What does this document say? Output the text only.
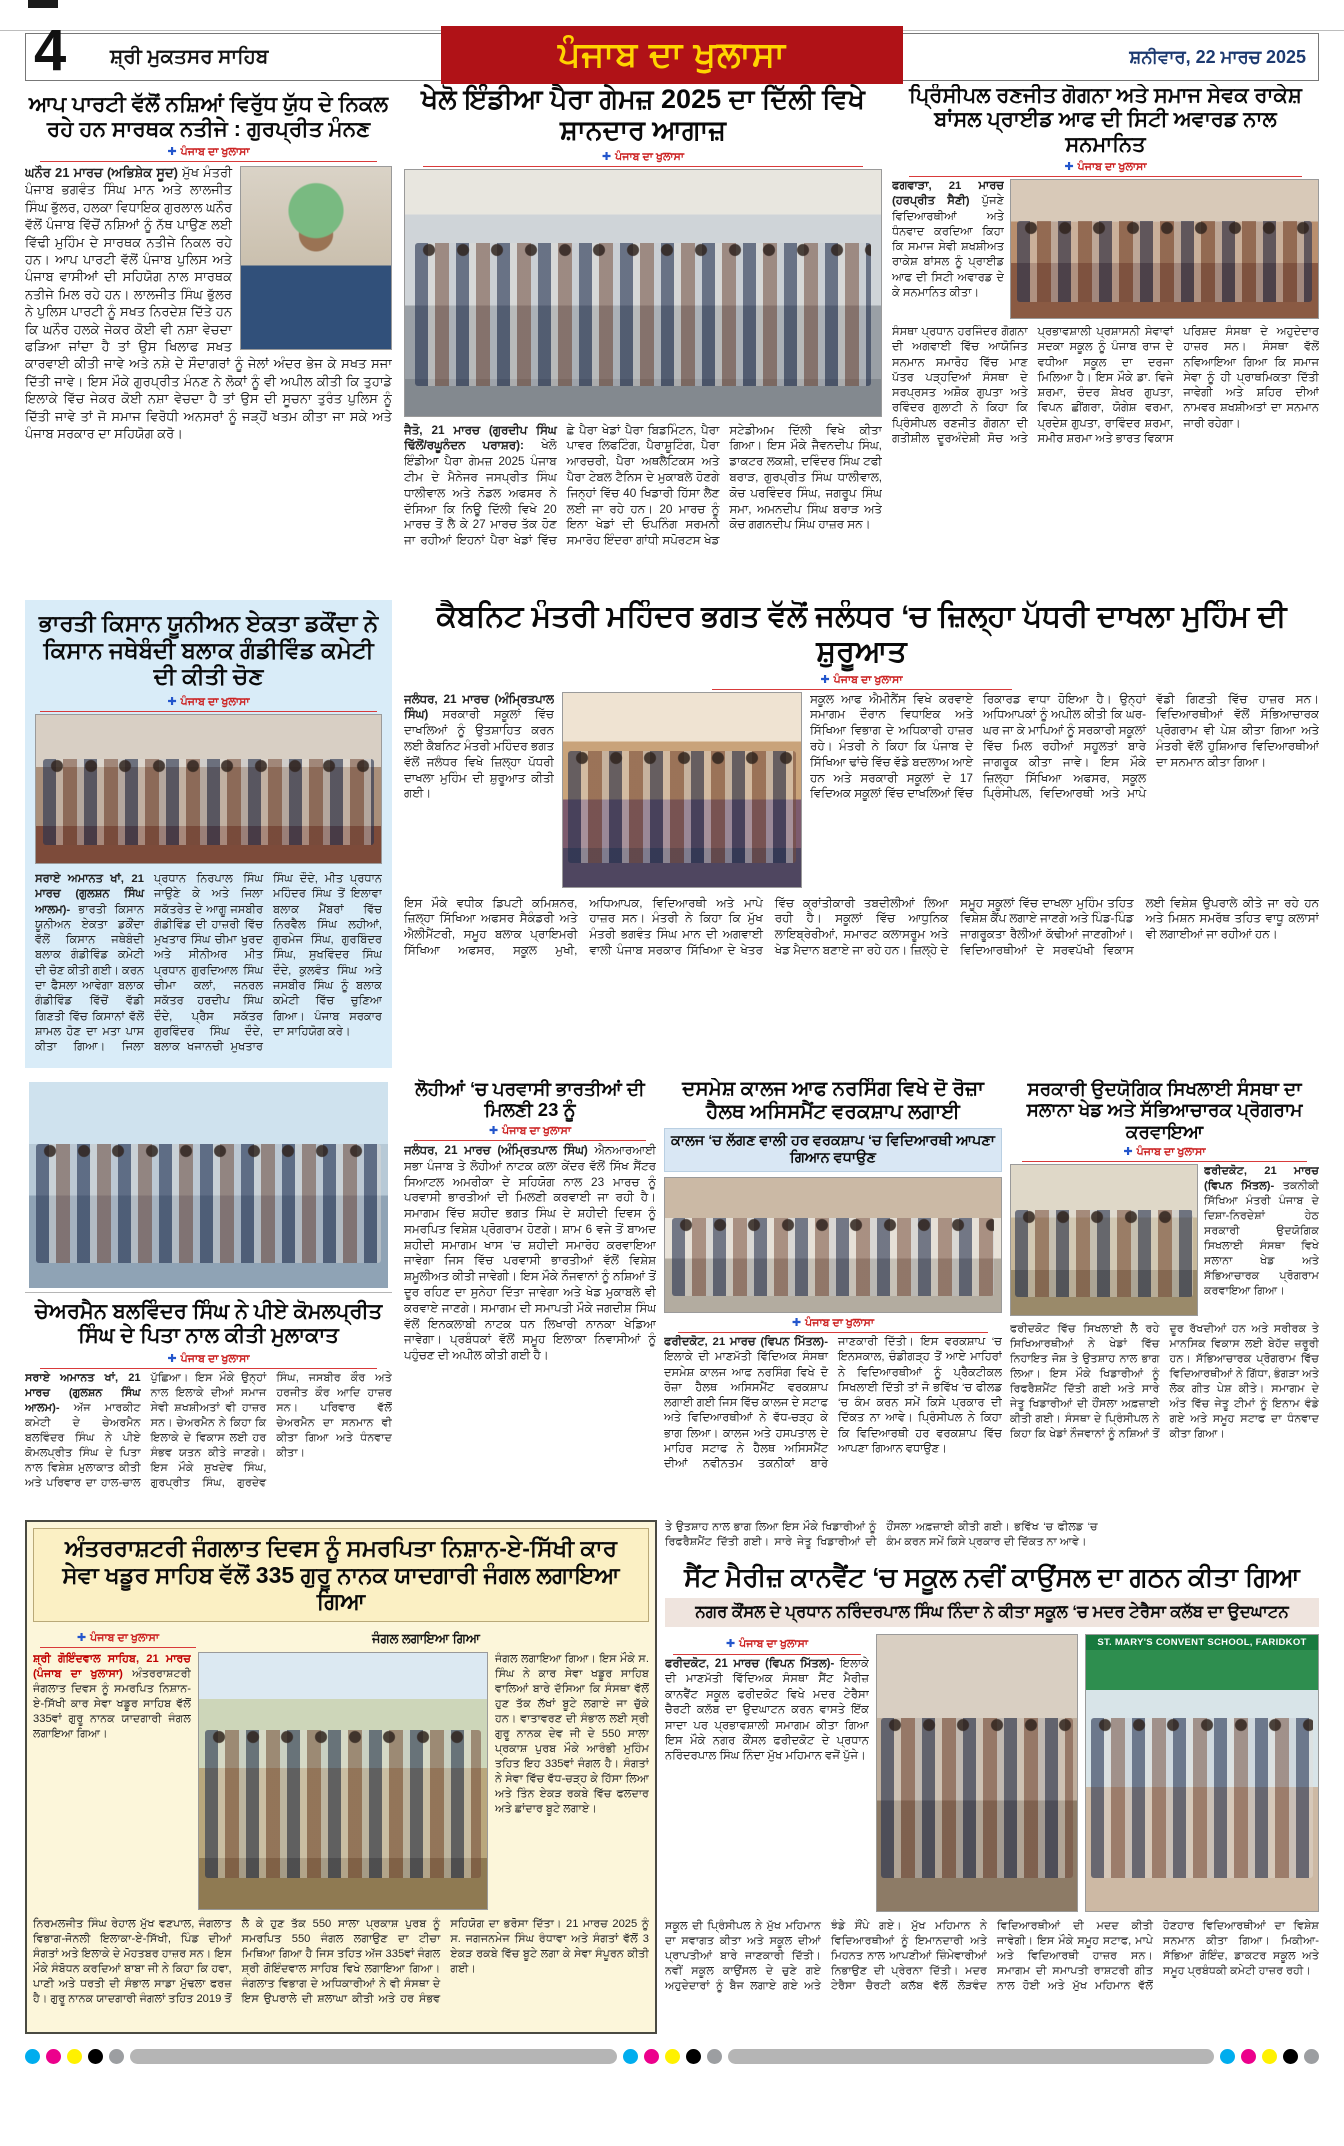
4 ਸ਼੍ਰੀ ਮੁਕਤਸਰ ਸਾਹਿਬ	ਪੰਜਾਬ ਦਾ ਖੁਲਾਸਾ	ਸ਼ਨੀਵਾਰ, 22 ਮਾਰਚ 2025
ਆਪ ਪਾਰਟੀ ਵੱਲੋਂ ਨਸ਼ਿਆਂ ਵਿਰੁੱਧ ਯੁੱਧ ਦੇ ਨਿਕਲ ਰਹੇ ਹਨ ਸਾਰਥਕ ਨਤੀਜੇ : ਗੁਰਪ੍ਰੀਤ ਮੰਨਣ
✚ ਪੰਜਾਬ ਦਾ ਖੁਲਾਸਾ
ਘਨੌਰ 21 ਮਾਰਚ (ਅਭਿਸ਼ੇਕ ਸੂਦ) ਮੁੱਖ ਮੰਤਰੀ ਪੰਜਾਬ ਭਗਵੰਤ ਸਿੰਘ ਮਾਨ ਅਤੇ ਲਾਲਜੀਤ ਸਿੰਘ ਭੁੱਲਰ, ਹਲਕਾ ਵਿਧਾਇਕ ਗੁਰਲਾਲ ਘਨੌਰ ਵੱਲੋਂ ਪੰਜਾਬ ਵਿੱਚੋਂ ਨਸ਼ਿਆਂ ਨੂੰ ਨੱਥ ਪਾਉਣ ਲਈ ਵਿੱਢੀ ਮੁਹਿੰਮ ਦੇ ਸਾਰਥਕ ਨਤੀਜੇ ਨਿਕਲ ਰਹੇ ਹਨ। ਆਪ ਪਾਰਟੀ ਵੱਲੋਂ ਪੰਜਾਬ ਪੁਲਿਸ ਅਤੇ ਪੰਜਾਬ ਵਾਸੀਆਂ ਦੀ ਸਹਿਯੋਗ ਨਾਲ ਸਾਰਥਕ ਨਤੀਜੇ ਮਿਲ ਰਹੇ ਹਨ। ਲਾਲਜੀਤ ਸਿੰਘ ਭੁੱਲਰ ਨੇ ਪੁਲਿਸ ਪਾਰਟੀ ਨੂੰ ਸਖਤ ਨਿਰਦੇਸ਼ ਦਿੱਤੇ ਹਨ ਕਿ ਘਨੌਰ ਹਲਕੇ ਜੇਕਰ ਕੋਈ ਵੀ ਨਸ਼ਾ ਵੇਚਦਾ ਫੜਿਆ ਜਾਂਦਾ ਹੈ ਤਾਂ ਉਸ ਖਿਲਾਫ ਸਖਤ ਕਾਰਵਾਈ ਕੀਤੀ ਜਾਵੇ ਅਤੇ ਨਸ਼ੇ ਦੇ ਸੌਦਾਗਰਾਂ ਨੂੰ ਜੇਲਾਂ ਅੰਦਰ ਭੇਜ ਕੇ ਸਖਤ ਸਜਾ ਦਿੱਤੀ ਜਾਵੇ। ਇਸ ਮੌਕੇ ਗੁਰਪ੍ਰੀਤ ਮੰਨਣ ਨੇ ਲੋਕਾਂ ਨੂੰ ਵੀ ਅਪੀਲ ਕੀਤੀ ਕਿ ਤੁਹਾਡੇ ਇਲਾਕੇ ਵਿੱਚ ਜੇਕਰ ਕੋਈ ਨਸ਼ਾ ਵੇਚਦਾ ਹੈ ਤਾਂ ਉਸ ਦੀ ਸੂਚਨਾ ਤੁਰੰਤ ਪੁਲਿਸ ਨੂੰ ਦਿੱਤੀ ਜਾਵੇ ਤਾਂ ਜੋ ਸਮਾਜ ਵਿਰੋਧੀ ਅਨਸਰਾਂ ਨੂੰ ਜੜ੍ਹੋਂ ਖਤਮ ਕੀਤਾ ਜਾ ਸਕੇ ਅਤੇ ਪੰਜਾਬ ਸਰਕਾਰ ਦਾ ਸਹਿਯੋਗ ਕਰੋ।
ਖੇਲੋ ਇੰਡੀਆ ਪੈਰਾ ਗੇਮਜ਼ 2025 ਦਾ ਦਿੱਲੀ ਵਿਖੇ ਸ਼ਾਨਦਾਰ ਆਗਾਜ਼
✚ ਪੰਜਾਬ ਦਾ ਖੁਲਾਸਾ
ਜੈਤੋ, 21 ਮਾਰਚ (ਗੁਰਦੀਪ ਸਿੰਘ ਢਿੱਲੋਂ/ਰਘੂਨੰਦਨ ਪਰਾਸ਼ਰ): ਖੇਲੋ ਇੰਡੀਆ ਪੈਰਾ ਗੇਮਜ਼ 2025 ਪੰਜਾਬ ਟੀਮ ਦੇ ਮੈਨੇਜਰ ਜਸਪ੍ਰੀਤ ਸਿੰਘ ਧਾਲੀਵਾਲ ਅਤੇ ਨੋਡਲ ਅਫਸਰ ਨੇ ਦੱਸਿਆ ਕਿ ਨਿਊ ਦਿੱਲੀ ਵਿਖੇ 20 ਮਾਰਚ ਤੋਂ ਲੈ ਕੇ 27 ਮਾਰਚ ਤੱਕ ਹੋਣ ਜਾ ਰਹੀਆਂ ਇਹਨਾਂ ਪੈਰਾ ਖੇਡਾਂ ਵਿੱਚ ਛੇ ਪੈਰਾ ਖੇਡਾਂ ਪੈਰਾ ਬਿਡਮਿੰਟਨ, ਪੈਰਾ ਪਾਵਰ ਲਿਫਟਿੰਗ, ਪੈਰਾਸ਼ੂਟਿੰਗ, ਪੈਰਾ ਆਰਚਰੀ, ਪੈਰਾ ਅਥਲੈਟਿਕਸ ਅਤੇ ਪੈਰਾ ਟੇਬਲ ਟੈਨਿਸ ਦੇ ਮੁਕਾਬਲੇ ਹੋਣਗੇ ਜਿਨ੍ਹਾਂ ਵਿੱਚ 40 ਖਿਡਾਰੀ ਹਿੱਸਾ ਲੈਣ ਲਈ ਜਾ ਰਹੇ ਹਨ। 20 ਮਾਰਚ ਨੂੰ ਇਨਾ ਖੇਡਾਂ ਦੀ ਓਪਨਿੰਗ ਸਰਮਨੀ ਸਮਾਰੋਹ ਇੰਦਰਾ ਗਾਂਧੀ ਸਪੋਰਟਸ ਖੇਡ ਸਟੇਡੀਅਮ ਦਿੱਲੀ ਵਿਖੇ ਕੀਤਾ ਗਿਆ। ਇਸ ਮੌਕੇ ਜੈਵਨਦੀਪ ਸਿੰਘ, ਡਾਕਟਰ ਲਕਸ਼ੀ, ਦਵਿੰਦਰ ਸਿੰਘ ਟਫੀ ਬਰਾੜ, ਗੁਰਪ੍ਰੀਤ ਸਿੰਘ ਧਾਲੀਵਾਲ, ਕੋਚ ਪਰਵਿੰਦਰ ਸਿੰਘ, ਜਗਰੂਪ ਸਿੰਘ ਸਮਾ, ਅਮਨਦੀਪ ਸਿੰਘ ਬਰਾੜ ਅਤੇ ਕੋਚ ਗਗਨਦੀਪ ਸਿੰਘ ਹਾਜ਼ਰ ਸਨ।
ਪ੍ਰਿੰਸੀਪਲ ਰਣਜੀਤ ਗੋਗਨਾ ਅਤੇ ਸਮਾਜ ਸੇਵਕ ਰਾਕੇਸ਼ ਬਾਂਸਲ ਪ੍ਰਾਈਡ ਆਫ ਦੀ ਸਿਟੀ ਅਵਾਰਡ ਨਾਲ ਸਨਮਾਨਿਤ
✚ ਪੰਜਾਬ ਦਾ ਖੁਲਾਸਾ
ਫਗਵਾੜਾ, 21 ਮਾਰਚ (ਹਰਪ੍ਰੀਤ ਸੈਣੀ) ਪੁੱਜਣੇ ਵਿਦਿਆਰਥੀਆਂ ਅਤੇ ਧੰਨਵਾਦ ਕਰਦਿਆ ਕਿਹਾ ਕਿ ਸਮਾਜ ਸੇਵੀ ਸ਼ਖਸ਼ੀਅਤ ਰਾਕੇਸ਼ ਬਾਂਸਲ ਨੂੰ ਪ੍ਰਾਈਡ ਆਫ ਦੀ ਸਿਟੀ ਅਵਾਰਡ ਦੇ ਕੇ ਸਨਮਾਨਿਤ ਕੀਤਾ।
ਸੰਸਥਾ ਪ੍ਰਧਾਨ ਹਰਜਿੰਦਰ ਗੋਗਨਾ ਦੀ ਅਗਵਾਈ ਵਿੱਚ ਆਯੋਜਿਤ ਸਨਮਾਨ ਸਮਾਰੋਹ ਵਿੱਚ ਮਾਣ ਪੱਤਰ ਪੜ੍ਹਦਿਆਂ ਸੰਸਥਾ ਦੇ ਸਰਪ੍ਰਸਤ ਅਸ਼ੋਕ ਗੁਪਤਾ ਅਤੇ ਰਵਿੰਦਰ ਗੁਲਾਟੀ ਨੇ ਕਿਹਾ ਕਿ ਪ੍ਰਿੰਸੀਪਲ ਰਣਜੀਤ ਗੋਗਨਾ ਦੀ ਗਤੀਸ਼ੀਲ ਦੂਰਅੰਦੇਸ਼ੀ ਸੋਚ ਅਤੇ ਪ੍ਰਭਾਵਸ਼ਾਲੀ ਪ੍ਰਸ਼ਾਸਨੀ ਸੇਵਾਵਾਂ ਸਦਕਾ ਸਕੂਲ ਨੂੰ ਪੰਜਾਬ ਰਾਜ ਦੇ ਵਧੀਆ ਸਕੂਲ ਦਾ ਦਰਜਾ ਮਿਲਿਆ ਹੈ। ਇਸ ਮੌਕੇ ਡਾ. ਵਿਜੇ ਸ਼ਰਮਾ, ਚੰਦਰ ਸ਼ੇਖਰ ਗੁਪਤਾ, ਵਿਪਨ ਛੀਂਗਰਾ, ਯੋਗੇਸ਼ ਵਰਮਾ, ਪ੍ਰਦੇਸ਼ ਗੁਪਤਾ, ਰਾਵਿੰਦਰ ਸ਼ਰਮਾ, ਸਮੀਰ ਸ਼ਰਮਾ ਅਤੇ ਭਾਰਤ ਵਿਕਾਸ ਪਰਿਸ਼ਦ ਸੰਸਥਾ ਦੇ ਅਹੁਦੇਦਾਰ ਹਾਜ਼ਰ ਸਨ। ਸੰਸਥਾ ਵੱਲੋਂ ਨਵਿਆਇਆ ਗਿਆ ਕਿ ਸਮਾਜ ਸੇਵਾ ਨੂੰ ਹੀ ਪ੍ਰਾਥਮਿਕਤਾ ਦਿੱਤੀ ਜਾਵੇਗੀ ਅਤੇ ਸ਼ਹਿਰ ਦੀਆਂ ਨਾਮਵਰ ਸ਼ਖਸ਼ੀਅਤਾਂ ਦਾ ਸਨਮਾਨ ਜਾਰੀ ਰਹੇਗਾ।
ਭਾਰਤੀ ਕਿਸਾਨ ਯੂਨੀਅਨ ਏਕਤਾ ਡਕੌਂਦਾ ਨੇ ਕਿਸਾਨ ਜਥੇਬੰਦੀ ਬਲਾਕ ਗੰਡੀਵਿੰਡ ਕਮੇਟੀ ਦੀ ਕੀਤੀ ਚੋਣ
✚ ਪੰਜਾਬ ਦਾ ਖੁਲਾਸਾ
ਸਰਾਏ ਅਮਾਨਤ ਖਾਂ, 21 ਮਾਰਚ (ਗੁਲਸ਼ਨ ਸਿੰਘ ਆਲਮ)- ਭਾਰਤੀ ਕਿਸਾਨ ਯੂਨੀਅਨ ਏਕਤਾ ਡਕੌਂਦਾ ਵੱਲੋਂ ਕਿਸਾਨ ਜਥੇਬੰਦੀ ਬਲਾਕ ਗੰਡੀਵਿੰਡ ਕਮੇਟੀ ਦੀ ਚੋਣ ਕੀਤੀ ਗਈ। ਕਰਨ ਦਾ ਫੈਸਲਾ ਆਵੇਗਾ ਬਲਾਕ ਗੰਡੀਵਿੰਡ ਵਿੱਚੋਂ ਵੱਡੀ ਗਿਣਤੀ ਵਿੱਚ ਕਿਸਾਨਾਂ ਵੱਲੋਂ ਸ਼ਾਮਲ ਹੋਣ ਦਾ ਮਤਾ ਪਾਸ ਕੀਤਾ ਗਿਆ। ਜਿਲਾ ਪ੍ਰਧਾਨ ਨਿਰਪਾਲ ਸਿੰਘ ਜਾਉਣੇ ਕੇ ਅਤੇ ਜਿਲਾ ਸਕੱਤਰੇਤ ਦੇ ਆਗੂ ਜਸਬੀਰ ਗੰਡੀਵਿੰਡ ਦੀ ਹਾਜ਼ਰੀ ਵਿੱਚ ਮੁਖਤਾਰ ਸਿੰਘ ਚੀਮਾ ਖੁਰਦ ਅਤੇ ਸੀਨੀਅਰ ਮੀਤ ਪ੍ਰਧਾਨ ਗੁਰਦਿਆਲ ਸਿੰਘ ਚੀਮਾ ਕਲਾਂ, ਜਨਰਲ ਸਕੱਤਰ ਹਰਦੀਪ ਸਿੰਘ ਦੌਦੇ, ਪ੍ਰੈਸ ਸਕੱਤਰ ਗੁਰਵਿੰਦਰ ਸਿੰਘ ਦੌਦੇ, ਬਲਾਕ ਖਜਾਨਚੀ ਮੁਖਤਾਰ ਸਿੰਘ ਦੌਦੇ, ਮੀਤ ਪ੍ਰਧਾਨ ਮਹਿੰਦਰ ਸਿੰਘ ਤੋਂ ਇਲਾਵਾ ਬਲਾਕ ਮੈਂਬਰਾਂ ਵਿੱਚ ਨਿਰਵੈਲ ਸਿੰਘ ਲਹੀਆਂ, ਗੁਰਮੇਜ ਸਿੰਘ, ਗੁਰਬਿੰਦਰ ਸਿੰਘ, ਸੁਖਵਿੰਦਰ ਸਿੰਘ ਦੌਦੇ, ਕੁਲਵੰਤ ਸਿੰਘ ਅਤੇ ਜਸਬੀਰ ਸਿੰਘ ਨੂੰ ਬਲਾਕ ਕਮੇਟੀ ਵਿੱਚ ਚੁਣਿਆ ਗਿਆ। ਪੰਜਾਬ ਸਰਕਾਰ ਦਾ ਸਾਹਿਯੋਗ ਕਰੇ।
ਕੈਬਨਿਟ ਮੰਤਰੀ ਮਹਿੰਦਰ ਭਗਤ ਵੱਲੋਂ ਜਲੰਧਰ ‘ਚ ਜ਼ਿਲ੍ਹਾ ਪੱਧਰੀ ਦਾਖਲਾ ਮੁਹਿੰਮ ਦੀ ਸ਼ੁਰੂਆਤ
✚ ਪੰਜਾਬ ਦਾ ਖੁਲਾਸਾ
ਜਲੰਧਰ, 21 ਮਾਰਚ (ਅੰਮ੍ਰਿਤਪਾਲ ਸਿੰਘ) ਸਰਕਾਰੀ ਸਕੂਲਾਂ ਵਿੱਚ ਦਾਖਲਿਆਂ ਨੂੰ ਉਤਸ਼ਾਹਿਤ ਕਰਨ ਲਈ ਕੈਬਨਿਟ ਮੰਤਰੀ ਮਹਿੰਦਰ ਭਗਤ ਵੱਲੋਂ ਜਲੰਧਰ ਵਿਖੇ ਜ਼ਿਲ੍ਹਾ ਪੱਧਰੀ ਦਾਖਲਾ ਮੁਹਿੰਮ ਦੀ ਸ਼ੁਰੂਆਤ ਕੀਤੀ ਗਈ।
ਸਕੂਲ ਆਫ ਐਮੀਨੈਂਸ ਵਿਖੇ ਕਰਵਾਏ ਸਮਾਗਮ ਦੌਰਾਨ ਵਿਧਾਇਕ ਅਤੇ ਸਿੱਖਿਆ ਵਿਭਾਗ ਦੇ ਅਧਿਕਾਰੀ ਹਾਜ਼ਰ ਰਹੇ। ਮੰਤਰੀ ਨੇ ਕਿਹਾ ਕਿ ਪੰਜਾਬ ਦੇ ਸਿੱਖਿਆ ਢਾਂਚੇ ਵਿੱਚ ਵੱਡੇ ਬਦਲਾਅ ਆਏ ਹਨ ਅਤੇ ਸਰਕਾਰੀ ਸਕੂਲਾਂ ਦੇ 17 ਵਿਦਿਅਕ ਸਕੂਲਾਂ ਵਿੱਚ ਦਾਖਲਿਆਂ ਵਿੱਚ ਰਿਕਾਰਡ ਵਾਧਾ ਹੋਇਆ ਹੈ। ਉਨ੍ਹਾਂ ਅਧਿਆਪਕਾਂ ਨੂੰ ਅਪੀਲ ਕੀਤੀ ਕਿ ਘਰ-ਘਰ ਜਾ ਕੇ ਮਾਪਿਆਂ ਨੂੰ ਸਰਕਾਰੀ ਸਕੂਲਾਂ ਵਿੱਚ ਮਿਲ ਰਹੀਆਂ ਸਹੂਲਤਾਂ ਬਾਰੇ ਜਾਗਰੂਕ ਕੀਤਾ ਜਾਵੇ। ਇਸ ਮੌਕੇ ਜ਼ਿਲ੍ਹਾ ਸਿੱਖਿਆ ਅਫਸਰ, ਸਕੂਲ ਪ੍ਰਿੰਸੀਪਲ, ਵਿਦਿਆਰਥੀ ਅਤੇ ਮਾਪੇ ਵੱਡੀ ਗਿਣਤੀ ਵਿੱਚ ਹਾਜ਼ਰ ਸਨ। ਵਿਦਿਆਰਥੀਆਂ ਵੱਲੋਂ ਸੱਭਿਆਚਾਰਕ ਪ੍ਰੋਗਰਾਮ ਵੀ ਪੇਸ਼ ਕੀਤਾ ਗਿਆ ਅਤੇ ਮੰਤਰੀ ਵੱਲੋਂ ਹੁਸ਼ਿਆਰ ਵਿਦਿਆਰਥੀਆਂ ਦਾ ਸਨਮਾਨ ਕੀਤਾ ਗਿਆ।
ਇਸ ਮੌਕੇ ਵਧੀਕ ਡਿਪਟੀ ਕਮਿਸ਼ਨਰ, ਜ਼ਿਲ੍ਹਾ ਸਿੱਖਿਆ ਅਫਸਰ ਸੈਕੰਡਰੀ ਅਤੇ ਐਲੀਮੈਂਟਰੀ, ਸਮੂਹ ਬਲਾਕ ਪ੍ਰਾਇਮਰੀ ਸਿੱਖਿਆ ਅਫਸਰ, ਸਕੂਲ ਮੁਖੀ, ਅਧਿਆਪਕ, ਵਿਦਿਆਰਥੀ ਅਤੇ ਮਾਪੇ ਹਾਜ਼ਰ ਸਨ। ਮੰਤਰੀ ਨੇ ਕਿਹਾ ਕਿ ਮੁੱਖ ਮੰਤਰੀ ਭਗਵੰਤ ਸਿੰਘ ਮਾਨ ਦੀ ਅਗਵਾਈ ਵਾਲੀ ਪੰਜਾਬ ਸਰਕਾਰ ਸਿੱਖਿਆ ਦੇ ਖੇਤਰ ਵਿੱਚ ਕ੍ਰਾਂਤੀਕਾਰੀ ਤਬਦੀਲੀਆਂ ਲਿਆ ਰਹੀ ਹੈ। ਸਕੂਲਾਂ ਵਿੱਚ ਆਧੁਨਿਕ ਲਾਇਬ੍ਰੇਰੀਆਂ, ਸਮਾਰਟ ਕਲਾਸਰੂਮ ਅਤੇ ਖੇਡ ਮੈਦਾਨ ਬਣਾਏ ਜਾ ਰਹੇ ਹਨ। ਜ਼ਿਲ੍ਹੇ ਦੇ ਸਮੂਹ ਸਕੂਲਾਂ ਵਿੱਚ ਦਾਖਲਾ ਮੁਹਿੰਮ ਤਹਿਤ ਵਿਸ਼ੇਸ਼ ਕੈਂਪ ਲਗਾਏ ਜਾਣਗੇ ਅਤੇ ਪਿੰਡ-ਪਿੰਡ ਜਾਗਰੂਕਤਾ ਰੈਲੀਆਂ ਕੱਢੀਆਂ ਜਾਣਗੀਆਂ। ਵਿਦਿਆਰਥੀਆਂ ਦੇ ਸਰਵਪੱਖੀ ਵਿਕਾਸ ਲਈ ਵਿਸ਼ੇਸ਼ ਉਪਰਾਲੇ ਕੀਤੇ ਜਾ ਰਹੇ ਹਨ ਅਤੇ ਮਿਸ਼ਨ ਸਮਰੱਥ ਤਹਿਤ ਵਾਧੂ ਕਲਾਸਾਂ ਵੀ ਲਗਾਈਆਂ ਜਾ ਰਹੀਆਂ ਹਨ।
ਚੇਅਰਮੈਨ ਬਲਵਿੰਦਰ ਸਿੰਘ ਨੇ ਪੀਏ ਕੋਮਲਪ੍ਰੀਤ ਸਿੰਘ ਦੇ ਪਿਤਾ ਨਾਲ ਕੀਤੀ ਮੁਲਾਕਾਤ
✚ ਪੰਜਾਬ ਦਾ ਖੁਲਾਸਾ
ਸਰਾਏ ਅਮਾਨਤ ਖਾਂ, 21 ਮਾਰਚ (ਗੁਲਸ਼ਨ ਸਿੰਘ ਆਲਮ)- ਅੱਜ ਮਾਰਕੀਟ ਕਮੇਟੀ ਦੇ ਚੇਅਰਮੈਨ ਬਲਵਿੰਦਰ ਸਿੰਘ ਨੇ ਪੀਏ ਕੋਮਲਪ੍ਰੀਤ ਸਿੰਘ ਦੇ ਪਿਤਾ ਨਾਲ ਵਿਸ਼ੇਸ਼ ਮੁਲਾਕਾਤ ਕੀਤੀ ਅਤੇ ਪਰਿਵਾਰ ਦਾ ਹਾਲ-ਚਾਲ ਪੁੱਛਿਆ। ਇਸ ਮੌਕੇ ਉਨ੍ਹਾਂ ਨਾਲ ਇਲਾਕੇ ਦੀਆਂ ਸਮਾਜ ਸੇਵੀ ਸ਼ਖਸ਼ੀਅਤਾਂ ਵੀ ਹਾਜ਼ਰ ਸਨ। ਚੇਅਰਮੈਨ ਨੇ ਕਿਹਾ ਕਿ ਇਲਾਕੇ ਦੇ ਵਿਕਾਸ ਲਈ ਹਰ ਸੰਭਵ ਯਤਨ ਕੀਤੇ ਜਾਣਗੇ। ਇਸ ਮੌਕੇ ਸੁਖਦੇਵ ਸਿੰਘ, ਗੁਰਪ੍ਰੀਤ ਸਿੰਘ, ਗੁਰਦੇਵ ਸਿੰਘ, ਜਸਬੀਰ ਕੌਰ ਅਤੇ ਹਰਜੀਤ ਕੌਰ ਆਦਿ ਹਾਜ਼ਰ ਸਨ। ਪਰਿਵਾਰ ਵੱਲੋਂ ਚੇਅਰਮੈਨ ਦਾ ਸਨਮਾਨ ਵੀ ਕੀਤਾ ਗਿਆ ਅਤੇ ਧੰਨਵਾਦ ਕੀਤਾ।
ਲੋਹੀਆਂ ‘ਚ ਪਰਵਾਸੀ ਭਾਰਤੀਆਂ ਦੀ ਮਿਲਣੀ 23 ਨੂੰ
✚ ਪੰਜਾਬ ਦਾ ਖੁਲਾਸਾ
ਜਲੰਧਰ, 21 ਮਾਰਚ (ਅੰਮ੍ਰਿਤਪਾਲ ਸਿੰਘ) ਐਨਆਰਆਈ ਸਭਾ ਪੰਜਾਬ ਤੇ ਲੋਹੀਆਂ ਨਾਟਕ ਕਲਾ ਕੇਂਦਰ ਵੱਲੋਂ ਸਿੱਖ ਸੈਂਟਰ ਸਿਆਟਲ ਅਮਰੀਕਾ ਦੇ ਸਹਿਯੋਗ ਨਾਲ 23 ਮਾਰਚ ਨੂੰ ਪਰਵਾਸੀ ਭਾਰਤੀਆਂ ਦੀ ਮਿਲਣੀ ਕਰਵਾਈ ਜਾ ਰਹੀ ਹੈ। ਸਮਾਗਮ ਵਿੱਚ ਸ਼ਹੀਦ ਭਗਤ ਸਿੰਘ ਦੇ ਸ਼ਹੀਦੀ ਦਿਵਸ ਨੂੰ ਸਮਰਪਿਤ ਵਿਸ਼ੇਸ਼ ਪ੍ਰੋਗਰਾਮ ਹੋਣਗੇ। ਸ਼ਾਮ 6 ਵਜੇ ਤੋਂ ਬਾਅਦ ਸ਼ਹੀਦੀ ਸਮਾਗਮ ਖਾਸ ‘ਚ ਸ਼ਹੀਦੀ ਸਮਾਰੋਹ ਕਰਵਾਇਆ ਜਾਵੇਗਾ ਜਿਸ ਵਿੱਚ ਪਰਵਾਸੀ ਭਾਰਤੀਆਂ ਵੱਲੋਂ ਵਿਸ਼ੇਸ਼ ਸ਼ਮੂਲੀਅਤ ਕੀਤੀ ਜਾਵੇਗੀ। ਇਸ ਮੌਕੇ ਨੌਜਵਾਨਾਂ ਨੂੰ ਨਸ਼ਿਆਂ ਤੋਂ ਦੂਰ ਰਹਿਣ ਦਾ ਸੁਨੇਹਾ ਦਿੱਤਾ ਜਾਵੇਗਾ ਅਤੇ ਖੇਡ ਮੁਕਾਬਲੇ ਵੀ ਕਰਵਾਏ ਜਾਣਗੇ। ਸਮਾਗਮ ਦੀ ਸਮਾਪਤੀ ਮੌਕੇ ਜਗਦੀਸ਼ ਸਿੰਘ ਵੱਲੋਂ ਇਨਕਲਾਬੀ ਨਾਟਕ ਧਨ ਲਿਖਾਰੀ ਨਾਨਕਾ ਖੇਡਿਆ ਜਾਵੇਗਾ। ਪ੍ਰਬੰਧਕਾਂ ਵੱਲੋਂ ਸਮੂਹ ਇਲਾਕਾ ਨਿਵਾਸੀਆਂ ਨੂੰ ਪਹੁੰਚਣ ਦੀ ਅਪੀਲ ਕੀਤੀ ਗਈ ਹੈ।
ਦਸਮੇਸ਼ ਕਾਲਜ ਆਫ ਨਰਸਿੰਗ ਵਿਖੇ ਦੋ ਰੋਜ਼ਾ ਹੈਲਥ ਅਸਿਸਮੈਂਟ ਵਰਕਸ਼ਾਪ ਲਗਾਈ
ਕਾਲਜ ‘ਚ ਲੱਗਣ ਵਾਲੀ ਹਰ ਵਰਕਸ਼ਾਪ ‘ਚ ਵਿਦਿਆਰਥੀ ਆਪਣਾ ਗਿਆਨ ਵਧਾਉਣ
✚ ਪੰਜਾਬ ਦਾ ਖੁਲਾਸਾ
ਫਰੀਦਕੋਟ, 21 ਮਾਰਚ (ਵਿਪਨ ਮਿੱਤਲ)- ਇਲਾਕੇ ਦੀ ਮਾਣਮੱਤੀ ਵਿੱਦਿਅਕ ਸੰਸਥਾ ਦਸਮੇਸ਼ ਕਾਲਜ ਆਫ ਨਰਸਿੰਗ ਵਿਖੇ ਦੋ ਰੋਜ਼ਾ ਹੈਲਥ ਅਸਿਸਮੈਂਟ ਵਰਕਸ਼ਾਪ ਲਗਾਈ ਗਈ ਜਿਸ ਵਿੱਚ ਕਾਲਜ ਦੇ ਸਟਾਫ ਅਤੇ ਵਿਦਿਆਰਥੀਆਂ ਨੇ ਵੱਧ-ਚੜ੍ਹ ਕੇ ਭਾਗ ਲਿਆ। ਕਾਲਜ ਅਤੇ ਹਸਪਤਾਲ ਦੇ ਮਾਹਿਰ ਸਟਾਫ ਨੇ ਹੈਲਥ ਅਸਿਸਮੈਂਟ ਦੀਆਂ ਨਵੀਨਤਮ ਤਕਨੀਕਾਂ ਬਾਰੇ ਜਾਣਕਾਰੀ ਦਿੱਤੀ। ਇਸ ਵਰਕਸ਼ਾਪ ‘ਚ ਇਨਸਕਾਲ, ਚੰਡੀਗੜ੍ਹ ਤੋਂ ਆਏ ਮਾਹਿਰਾਂ ਨੇ ਵਿਦਿਆਰਥੀਆਂ ਨੂੰ ਪ੍ਰੈਕਟੀਕਲ ਸਿਖਲਾਈ ਦਿੱਤੀ ਤਾਂ ਜੋ ਭਵਿੱਖ ‘ਚ ਫੀਲਡ ‘ਚ ਕੰਮ ਕਰਨ ਸਮੇਂ ਕਿਸੇ ਪ੍ਰਕਾਰ ਦੀ ਦਿੱਕਤ ਨਾ ਆਵੇ। ਪ੍ਰਿੰਸੀਪਲ ਨੇ ਕਿਹਾ ਕਿ ਵਿਦਿਆਰਥੀ ਹਰ ਵਰਕਸ਼ਾਪ ਵਿੱਚ ਆਪਣਾ ਗਿਆਨ ਵਧਾਉਣ।
ਸਰਕਾਰੀ ਉਦਯੋਗਿਕ ਸਿਖਲਾਈ ਸੰਸਥਾ ਦਾ ਸਲਾਨਾ ਖੇਡ ਅਤੇ ਸੱਭਿਆਚਾਰਕ ਪ੍ਰੋਗਰਾਮ ਕਰਵਾਇਆ
✚ ਪੰਜਾਬ ਦਾ ਖੁਲਾਸਾ
ਫਰੀਦਕੋਟ, 21 ਮਾਰਚ (ਵਿਪਨ ਮਿੱਤਲ)- ਤਕਨੀਕੀ ਸਿੱਖਿਆ ਮੰਤਰੀ ਪੰਜਾਬ ਦੇ ਦਿਸ਼ਾ-ਨਿਰਦੇਸ਼ਾਂ ਹੇਠ ਸਰਕਾਰੀ ਉਦਯੋਗਿਕ ਸਿਖਲਾਈ ਸੰਸਥਾ ਵਿਖੇ ਸਲਾਨਾ ਖੇਡ ਅਤੇ ਸੱਭਿਆਚਾਰਕ ਪ੍ਰੋਗਰਾਮ ਕਰਵਾਇਆ ਗਿਆ।
ਫਰੀਦਕੋਟ ਵਿੱਚ ਸਿਖਲਾਈ ਲੈ ਰਹੇ ਸਿਖਿਆਰਥੀਆਂ ਨੇ ਖੇਡਾਂ ਵਿੱਚ ਨਿਹਾਇਤ ਜੋਸ਼ ਤੇ ਉਤਸ਼ਾਹ ਨਾਲ ਭਾਗ ਲਿਆ। ਇਸ ਮੌਕੇ ਖਿਡਾਰੀਆਂ ਨੂੰ ਰਿਫਰੈਸ਼ਮੈਂਟ ਦਿੱਤੀ ਗਈ ਅਤੇ ਸਾਰੇ ਜੇਤੂ ਖਿਡਾਰੀਆਂ ਦੀ ਹੌਂਸਲਾ ਅਫ਼ਜ਼ਾਈ ਕੀਤੀ ਗਈ। ਸੰਸਥਾ ਦੇ ਪ੍ਰਿੰਸੀਪਲ ਨੇ ਕਿਹਾ ਕਿ ਖੇਡਾਂ ਨੌਜਵਾਨਾਂ ਨੂੰ ਨਸ਼ਿਆਂ ਤੋਂ ਦੂਰ ਰੱਖਦੀਆਂ ਹਨ ਅਤੇ ਸਰੀਰਕ ਤੇ ਮਾਨਸਿਕ ਵਿਕਾਸ ਲਈ ਬੇਹੱਦ ਜ਼ਰੂਰੀ ਹਨ। ਸੱਭਿਆਚਾਰਕ ਪ੍ਰੋਗਰਾਮ ਵਿੱਚ ਵਿਦਿਆਰਥੀਆਂ ਨੇ ਗਿੱਧਾ, ਭੰਗੜਾ ਅਤੇ ਲੋਕ ਗੀਤ ਪੇਸ਼ ਕੀਤੇ। ਸਮਾਗਮ ਦੇ ਅੰਤ ਵਿੱਚ ਜੇਤੂ ਟੀਮਾਂ ਨੂੰ ਇਨਾਮ ਵੰਡੇ ਗਏ ਅਤੇ ਸਮੂਹ ਸਟਾਫ ਦਾ ਧੰਨਵਾਦ ਕੀਤਾ ਗਿਆ।
ਅੰਤਰਰਾਸ਼ਟਰੀ ਜੰਗਲਾਤ ਦਿਵਸ ਨੂੰ ਸਮਰਪਿਤਾ ਨਿਸ਼ਾਨ-ਏ-ਸਿੱਖੀ ਕਾਰ ਸੇਵਾ ਖਡੂਰ ਸਾਹਿਬ ਵੱਲੋਂ 335 ਗੁਰੂ ਨਾਨਕ ਯਾਦਗਾਰੀ ਜੰਗਲ ਲਗਾਇਆ ਗਿਆ
✚ ਪੰਜਾਬ ਦਾ ਖੁਲਾਸਾ	ਜੰਗਲ ਲਗਾਇਆ ਗਿਆ
ਸ਼੍ਰੀ ਗੋਇੰਦਵਾਲ ਸਾਹਿਬ, 21 ਮਾਰਚ (ਪੰਜਾਬ ਦਾ ਖੁਲਾਸਾ) ਅੰਤਰਰਾਸ਼ਟਰੀ ਜੰਗਲਾਤ ਦਿਵਸ ਨੂੰ ਸਮਰਪਿਤ ਨਿਸ਼ਾਨ-ਏ-ਸਿੱਖੀ ਕਾਰ ਸੇਵਾ ਖਡੂਰ ਸਾਹਿਬ ਵੱਲੋਂ 335ਵਾਂ ਗੁਰੂ ਨਾਨਕ ਯਾਦਗਾਰੀ ਜੰਗਲ ਲਗਾਇਆ ਗਿਆ।
ਜੰਗਲ ਲਗਾਇਆ ਗਿਆ। ਇਸ ਮੌਕੇ ਸ. ਸਿੰਘ ਨੇ ਕਾਰ ਸੇਵਾ ਖਡੂਰ ਸਾਹਿਬ ਵਾਲਿਆਂ ਬਾਰੇ ਦੱਸਿਆ ਕਿ ਸੰਸਥਾ ਵੱਲੋਂ ਹੁਣ ਤੱਕ ਲੱਖਾਂ ਬੂਟੇ ਲਗਾਏ ਜਾ ਚੁੱਕੇ ਹਨ। ਵਾਤਾਵਰਣ ਦੀ ਸੰਭਾਲ ਲਈ ਸ੍ਰੀ ਗੁਰੂ ਨਾਨਕ ਦੇਵ ਜੀ ਦੇ 550 ਸਾਲਾ ਪ੍ਰਕਾਸ਼ ਪੁਰਬ ਮੌਕੇ ਆਰੰਭੀ ਮੁਹਿੰਮ ਤਹਿਤ ਇਹ 335ਵਾਂ ਜੰਗਲ ਹੈ। ਸੰਗਤਾਂ ਨੇ ਸੇਵਾ ਵਿੱਚ ਵੱਧ-ਚੜ੍ਹ ਕੇ ਹਿੱਸਾ ਲਿਆ ਅਤੇ ਤਿੰਨ ਏਕੜ ਰਕਬੇ ਵਿੱਚ ਫਲਦਾਰ ਅਤੇ ਛਾਂਦਾਰ ਬੂਟੇ ਲਗਾਏ।
ਨਿਰਮਲਜੀਤ ਸਿੰਘ ਰੇਹਾਲ ਮੁੱਖ ਵਣਪਾਲ, ਜੰਗਲਾਤ ਵਿਭਾਗ-ਜੋਨਲੀ ਇਲਾਕਾ-ਏ-ਸਿੱਖੀ, ਪਿੰਡ ਦੀਆਂ ਸੰਗਤਾਂ ਅਤੇ ਇਲਾਕੇ ਦੇ ਮੋਹਤਬਰ ਹਾਜ਼ਰ ਸਨ। ਇਸ ਮੌਕੇ ਸੰਬੋਧਨ ਕਰਦਿਆਂ ਬਾਬਾ ਜੀ ਨੇ ਕਿਹਾ ਕਿ ਹਵਾ, ਪਾਣੀ ਅਤੇ ਧਰਤੀ ਦੀ ਸੰਭਾਲ ਸਾਡਾ ਮੁੱਢਲਾ ਫਰਜ਼ ਹੈ। ਗੁਰੂ ਨਾਨਕ ਯਾਦਗਾਰੀ ਜੰਗਲਾਂ ਤਹਿਤ 2019 ਤੋਂ ਲੈ ਕੇ ਹੁਣ ਤੱਕ 550 ਸਾਲਾ ਪ੍ਰਕਾਸ਼ ਪੁਰਬ ਨੂੰ ਸਮਰਪਿਤ 550 ਜੰਗਲ ਲਗਾਉਣ ਦਾ ਟੀਚਾ ਮਿਥਿਆ ਗਿਆ ਹੈ ਜਿਸ ਤਹਿਤ ਅੱਜ 335ਵਾਂ ਜੰਗਲ ਸ਼੍ਰੀ ਗੋਇੰਦਵਾਲ ਸਾਹਿਬ ਵਿਖੇ ਲਗਾਇਆ ਗਿਆ। ਜੰਗਲਾਤ ਵਿਭਾਗ ਦੇ ਅਧਿਕਾਰੀਆਂ ਨੇ ਵੀ ਸੰਸਥਾ ਦੇ ਇਸ ਉਪਰਾਲੇ ਦੀ ਸ਼ਲਾਘਾ ਕੀਤੀ ਅਤੇ ਹਰ ਸੰਭਵ ਸਹਿਯੋਗ ਦਾ ਭਰੋਸਾ ਦਿੱਤਾ। 21 ਮਾਰਚ 2025 ਨੂੰ ਸ. ਜਗਜਨਮੇਜ ਸਿੰਘ ਰੰਧਾਵਾ ਅਤੇ ਸੰਗਤਾਂ ਵੱਲੋਂ 3 ਏਕੜ ਰਕਬੇ ਵਿੱਚ ਬੂਟੇ ਲਗਾ ਕੇ ਸੇਵਾ ਸੰਪੂਰਨ ਕੀਤੀ ਗਈ।
ਤੇ ਉਤਸ਼ਾਹ ਨਾਲ ਭਾਗ ਲਿਆ ਇਸ ਮੌਕੇ ਖਿਡਾਰੀਆਂ ਨੂੰ ਰਿਫਰੈਸ਼ਮੈਂਟ ਦਿੱਤੀ ਗਈ। ਸਾਰੇ ਜੇਤੂ ਖਿਡਾਰੀਆਂ ਦੀ ਹੌਂਸਲਾ ਅਫ਼ਜ਼ਾਈ ਕੀਤੀ ਗਈ। ਭਵਿੱਖ ‘ਚ ਫੀਲਡ ‘ਚ ਕੰਮ ਕਰਨ ਸਮੇਂ ਕਿਸੇ ਪ੍ਰਕਾਰ ਦੀ ਦਿੱਕਤ ਨਾ ਆਵੇ।
ਸੈਂਟ ਮੈਰੀਜ਼ ਕਾਨਵੈਂਟ ‘ਚ ਸਕੂਲ ਨਵੀਂ ਕਾਉਂਸਲ ਦਾ ਗਠਨ ਕੀਤਾ ਗਿਆ
ਨਗਰ ਕੌਂਸਲ ਦੇ ਪ੍ਰਧਾਨ ਨਰਿੰਦਰਪਾਲ ਸਿੰਘ ਨਿੰਦਾ ਨੇ ਕੀਤਾ ਸਕੂਲ ‘ਚ ਮਦਰ ਟੇਰੈਸਾ ਕਲੱਬ ਦਾ ਉਦਘਾਟਨ
✚ ਪੰਜਾਬ ਦਾ ਖੁਲਾਸਾ
ਫਰੀਦਕੋਟ, 21 ਮਾਰਚ (ਵਿਪਨ ਮਿੱਤਲ)- ਇਲਾਕੇ ਦੀ ਮਾਣਮੱਤੀ ਵਿੱਦਿਅਕ ਸੰਸਥਾ ਸੈਂਟ ਮੈਰੀਜ਼ ਕਾਨਵੈਂਟ ਸਕੂਲ ਫਰੀਦਕੋਟ ਵਿਖੇ ਮਦਰ ਟੇਰੈਸਾ ਚੈਰਟੀ ਕਲੱਬ ਦਾ ਉਦਘਾਟਨ ਕਰਨ ਵਾਸਤੇ ਇੱਕ ਸਾਦਾ ਪਰ ਪ੍ਰਭਾਵਸ਼ਾਲੀ ਸਮਾਗਮ ਕੀਤਾ ਗਿਆ ਇਸ ਮੌਕੇ ਨਗਰ ਕੌਂਸਲ ਫਰੀਦਕੋਟ ਦੇ ਪ੍ਰਧਾਨ ਨਰਿੰਦਰਪਾਲ ਸਿੰਘ ਨਿੰਦਾ ਮੁੱਖ ਮਹਿਮਾਨ ਵਜੋਂ ਪੁੱਜੇ।
ST. MARY'S CONVENT SCHOOL, FARIDKOT
ਸਕੂਲ ਦੀ ਪ੍ਰਿੰਸੀਪਲ ਨੇ ਮੁੱਖ ਮਹਿਮਾਨ ਦਾ ਸਵਾਗਤ ਕੀਤਾ ਅਤੇ ਸਕੂਲ ਦੀਆਂ ਪ੍ਰਾਪਤੀਆਂ ਬਾਰੇ ਜਾਣਕਾਰੀ ਦਿੱਤੀ। ਨਵੀਂ ਸਕੂਲ ਕਾਉਂਸਲ ਦੇ ਚੁਣੇ ਗਏ ਅਹੁਦੇਦਾਰਾਂ ਨੂੰ ਬੈਜ ਲਗਾਏ ਗਏ ਅਤੇ ਝੰਡੇ ਸੌਂਪੇ ਗਏ। ਮੁੱਖ ਮਹਿਮਾਨ ਨੇ ਵਿਦਿਆਰਥੀਆਂ ਨੂੰ ਇਮਾਨਦਾਰੀ ਅਤੇ ਮਿਹਨਤ ਨਾਲ ਆਪਣੀਆਂ ਜ਼ਿੰਮੇਵਾਰੀਆਂ ਨਿਭਾਉਣ ਦੀ ਪ੍ਰੇਰਨਾ ਦਿੱਤੀ। ਮਦਰ ਟੇਰੈਸਾ ਚੈਰਟੀ ਕਲੱਬ ਵੱਲੋਂ ਲੋੜਵੰਦ ਵਿਦਿਆਰਥੀਆਂ ਦੀ ਮਦਦ ਕੀਤੀ ਜਾਵੇਗੀ। ਇਸ ਮੌਕੇ ਸਮੂਹ ਸਟਾਫ, ਮਾਪੇ ਅਤੇ ਵਿਦਿਆਰਥੀ ਹਾਜ਼ਰ ਸਨ। ਸਮਾਗਮ ਦੀ ਸਮਾਪਤੀ ਰਾਸ਼ਟਰੀ ਗੀਤ ਨਾਲ ਹੋਈ ਅਤੇ ਮੁੱਖ ਮਹਿਮਾਨ ਵੱਲੋਂ ਹੋਣਹਾਰ ਵਿਦਿਆਰਥੀਆਂ ਦਾ ਵਿਸ਼ੇਸ਼ ਸਨਮਾਨ ਕੀਤਾ ਗਿਆ। ਮਿਕੀਆ-ਸੱਭਿਆ ਗੋਇੰਦ, ਡਾਕਟਰ ਸਕੂਲ ਅਤੇ ਸਮੂਹ ਪ੍ਰਬੰਧਕੀ ਕਮੇਟੀ ਹਾਜ਼ਰ ਰਹੀ।
